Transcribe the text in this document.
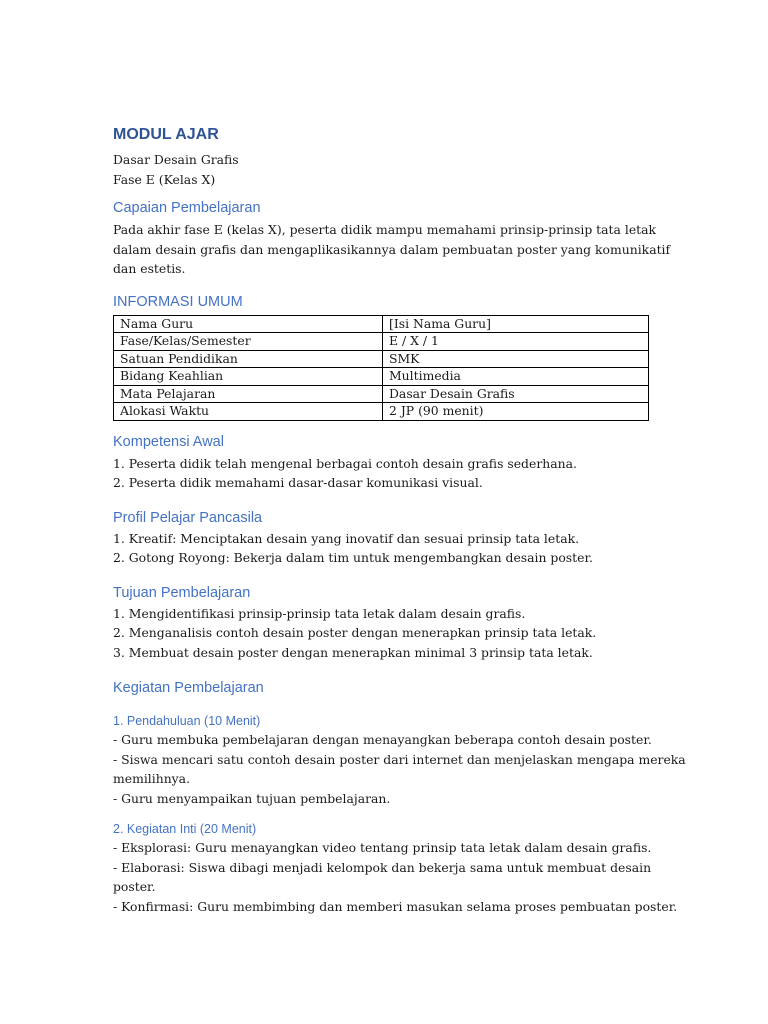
MODUL AJAR
Dasar Desain Grafis
Fase E (Kelas X)
Capaian Pembelajaran
Pada akhir fase E (kelas X), peserta didik mampu memahami prinsip-prinsip tata letak
dalam desain grafis dan mengaplikasikannya dalam pembuatan poster yang komunikatif
dan estetis.
INFORMASI UMUM
Nama Guru	[Isi Nama Guru]
Fase/Kelas/Semester	E / X / 1
Satuan Pendidikan	SMK
Bidang Keahlian	Multimedia
Mata Pelajaran	Dasar Desain Grafis
Alokasi Waktu	2 JP (90 menit)
Kompetensi Awal
1. Peserta didik telah mengenal berbagai contoh desain grafis sederhana.
2. Peserta didik memahami dasar-dasar komunikasi visual.
Profil Pelajar Pancasila
1. Kreatif: Menciptakan desain yang inovatif dan sesuai prinsip tata letak.
2. Gotong Royong: Bekerja dalam tim untuk mengembangkan desain poster.
Tujuan Pembelajaran
1. Mengidentifikasi prinsip-prinsip tata letak dalam desain grafis.
2. Menganalisis contoh desain poster dengan menerapkan prinsip tata letak.
3. Membuat desain poster dengan menerapkan minimal 3 prinsip tata letak.
Kegiatan Pembelajaran
1. Pendahuluan (10 Menit)
- Guru membuka pembelajaran dengan menayangkan beberapa contoh desain poster.
- Siswa mencari satu contoh desain poster dari internet dan menjelaskan mengapa mereka
memilihnya.
- Guru menyampaikan tujuan pembelajaran.
2. Kegiatan Inti (20 Menit)
- Eksplorasi: Guru menayangkan video tentang prinsip tata letak dalam desain grafis.
- Elaborasi: Siswa dibagi menjadi kelompok dan bekerja sama untuk membuat desain
poster.
- Konfirmasi: Guru membimbing dan memberi masukan selama proses pembuatan poster.
